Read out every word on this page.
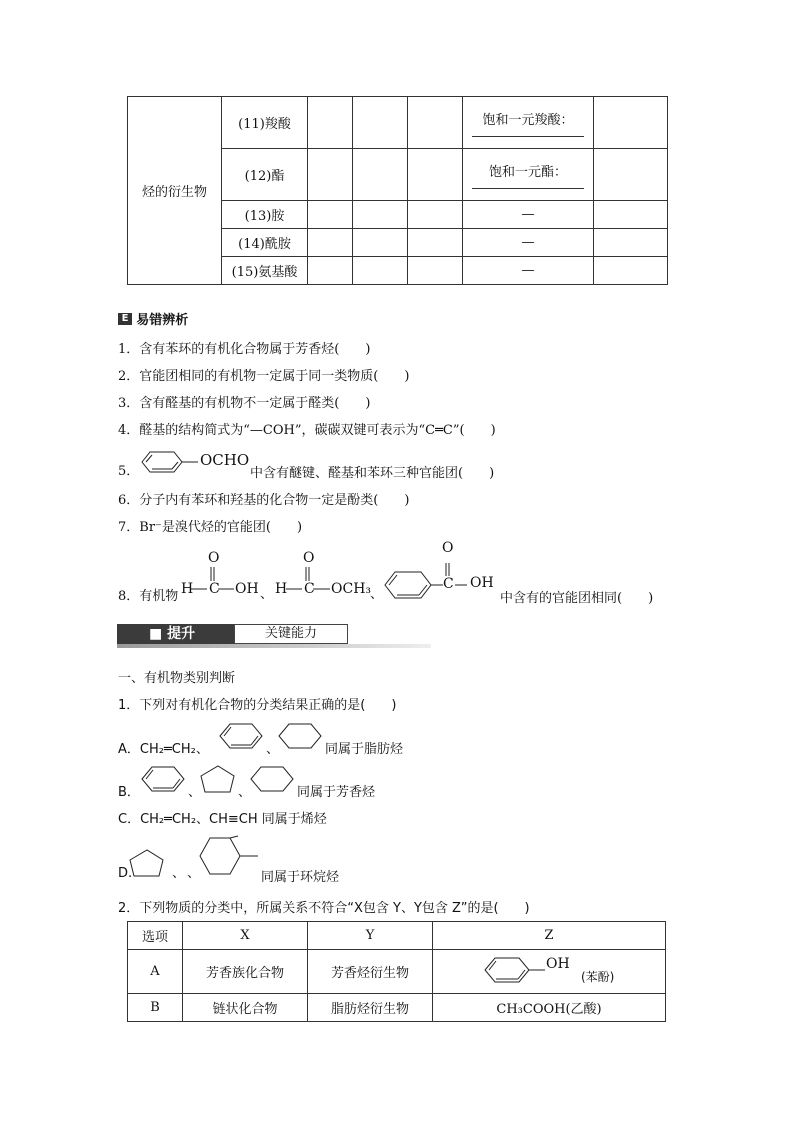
烃的衍生物	(11)羧酸				饱和一元羧酸：

	(12)酯				饱和一元酯：

	(13)胺				—	
	(14)酰胺				—	
	(15)氨基酸				—	
E 易错辨析
1．含有苯环的有机化合物属于芳香烃(　　)
2．官能团相同的有机物一定属于同一类物质(　　)
3．含有醛基的有机物不一定属于醛类(　　)
4．醛基的结构简式为“—COH”，碳碳双键可表示为“C═C”(　　)
5．
OCHO
中含有醚键、醛基和苯环三种官能团(　　)
6．分子内有苯环和羟基的化合物一定是酚类(　　)
7．Br⁻是溴代烃的官能团(　　)
8．有机物 H
O
C OH 、 H
O
C OCH₃
、
O
C OH
中含有的官能团相同(　　)
■ 提升	关键能力
一、有机物类别判断
1．下列对有机化合物的分类结果正确的是(　　)
A．CH₂═CH₂、	、	同属于脂肪烃
B．	、	、	同属于芳香烃
C．CH₂═CH₂、CH≡CH 同属于烯烃
D.	、 、	同属于环烷烃
2．下列物质的分类中，所属关系不符合“X包含 Y、Y包含 Z”的是(　　)
选项	X	Y	Z
A	芳香族化合物	芳香烃衍生物	OH
(苯酚)

B	链状化合物	脂肪烃衍生物	CH₃COOH(乙酸)
